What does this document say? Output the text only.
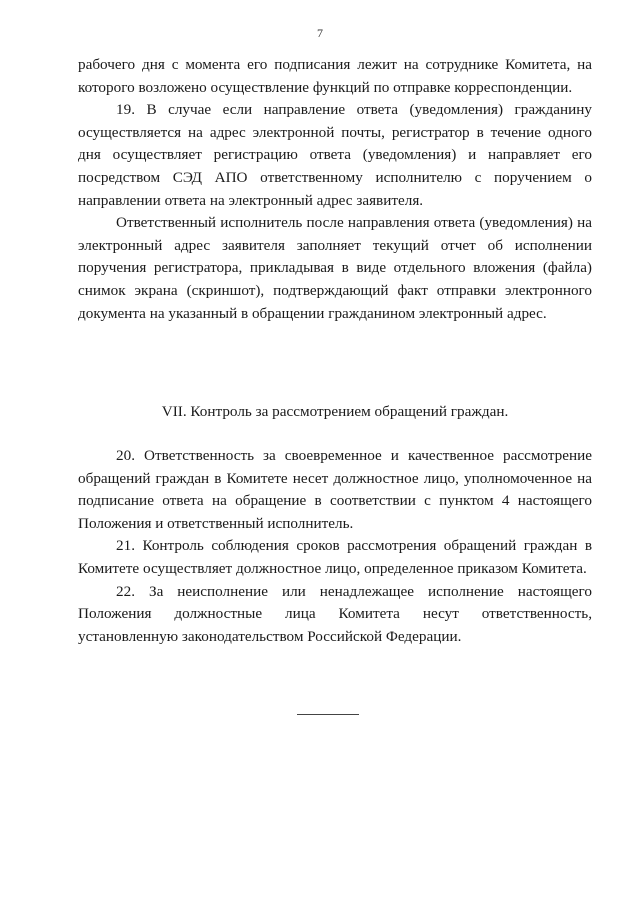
7

рабочего дня с момента его подписания лежит на сотруднике Комитета, на которого возложено осуществление функций по отправке корреспонденции.

19. В случае если направление ответа (уведомления) гражданину осуществляется на адрес электронной почты, регистратор в течение одного дня осуществляет регистрацию ответа (уведомления) и направляет его посредством СЭД АПО ответственному исполнителю с поручением о направлении ответа на электронный адрес заявителя.

Ответственный исполнитель после направления ответа (уведомления) на электронный адрес заявителя заполняет текущий отчет об исполнении поручения регистратора, прикладывая в виде отдельного вложения (файла) снимок экрана (скриншот), подтверждающий факт отправки электронного документа на указанный в обращении гражданином электронный адрес.

VII. Контроль за рассмотрением обращений граждан.

20. Ответственность за своевременное и качественное рассмотрение обращений граждан в Комитете несет должностное лицо, уполномоченное на подписание ответа на обращение в соответствии с пунктом 4 настоящего Положения и ответственный исполнитель.

21. Контроль соблюдения сроков рассмотрения обращений граждан в Комитете осуществляет должностное лицо, определенное приказом Комитета.

22. За неисполнение или ненадлежащее исполнение настоящего Положения должностные лица Комитета несут ответственность, установленную законодательством Российской Федерации.
